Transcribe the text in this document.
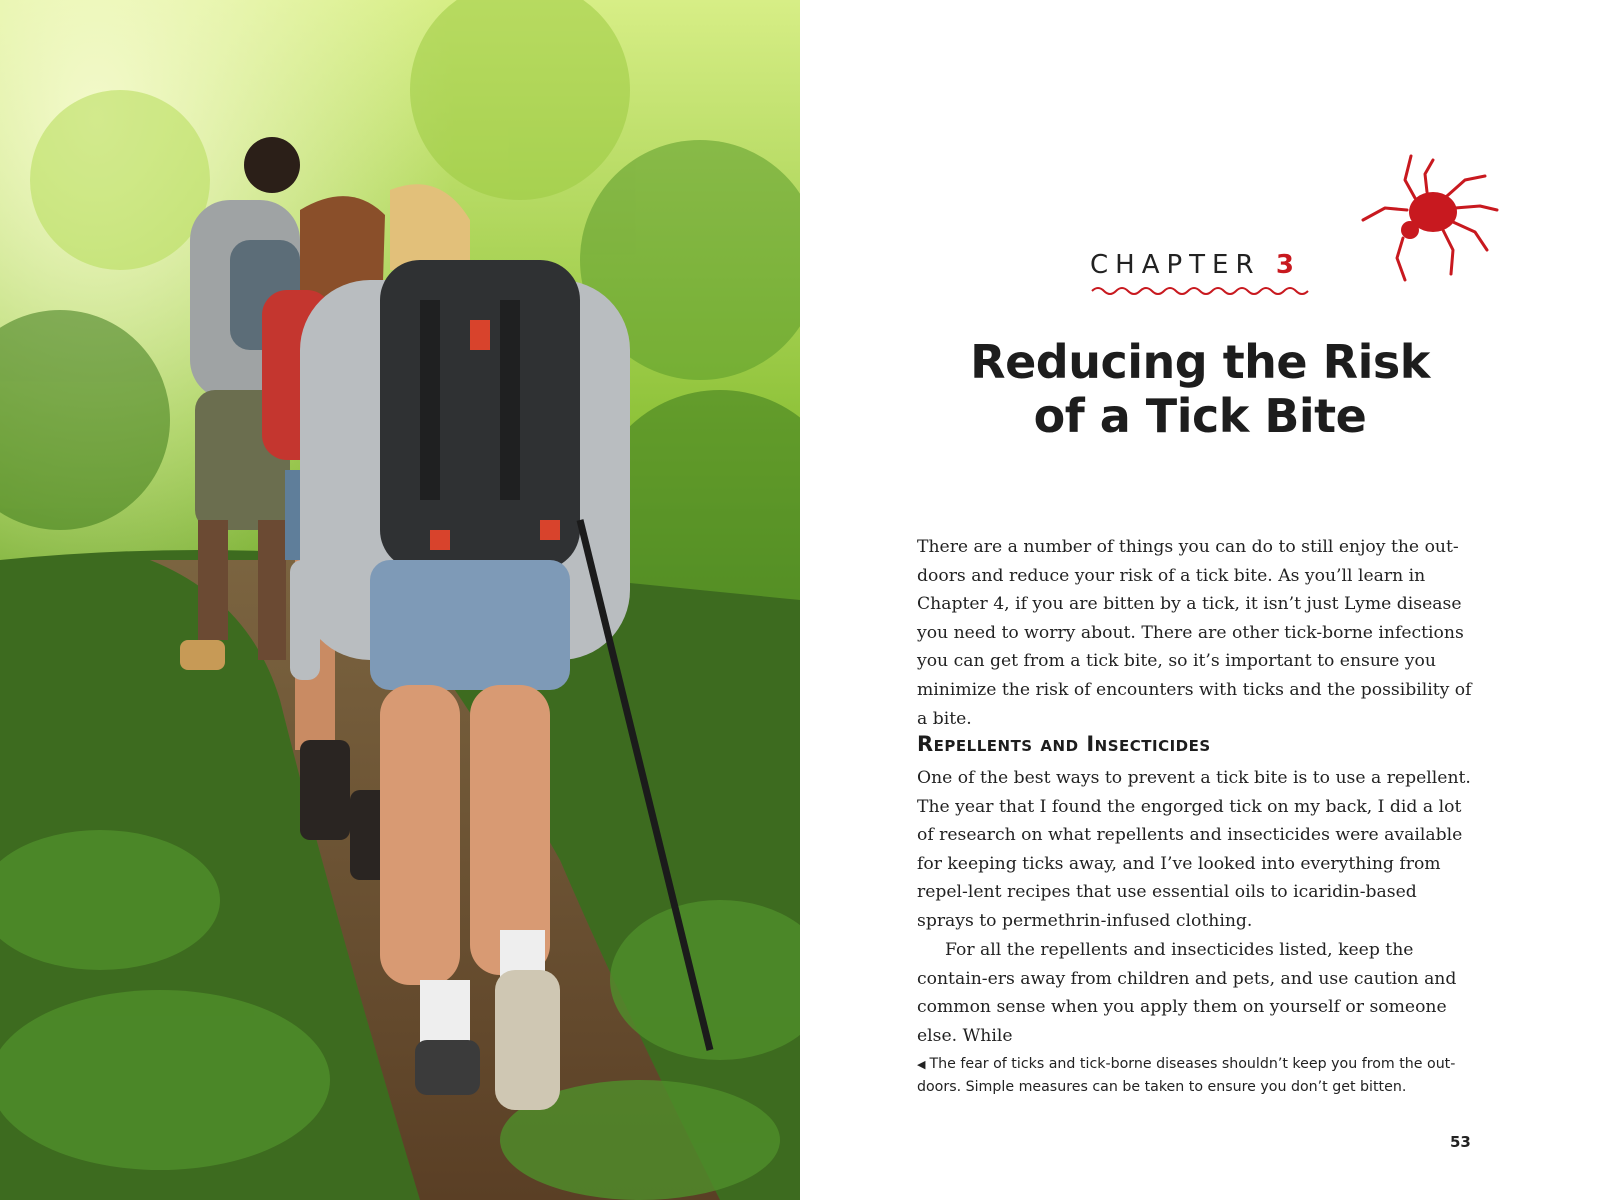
CHAPTER 3
Reducing the Risk
of a Tick Bite
There are a number of things you can do to still enjoy the out-doors and reduce your risk of a tick bite. As you’ll learn in Chapter 4, if you are bitten by a tick, it isn’t just Lyme disease you need to worry about. There are other tick-borne infections you can get from a tick bite, so it’s important to ensure you minimize the risk of encounters with ticks and the possibility of a bite.
Repellents and Insecticides
One of the best ways to prevent a tick bite is to use a repellent. The year that I found the engorged tick on my back, I did a lot of research on what repellents and insecticides were available for keeping ticks away, and I’ve looked into everything from repel-lent recipes that use essential oils to icaridin-based sprays to permethrin-infused clothing.
For all the repellents and insecticides listed, keep the contain-ers away from children and pets, and use caution and common sense when you apply them on yourself or someone else. While
◀ The fear of ticks and tick-borne diseases shouldn’t keep you from the out-doors. Simple measures can be taken to ensure you don’t get bitten.
53
